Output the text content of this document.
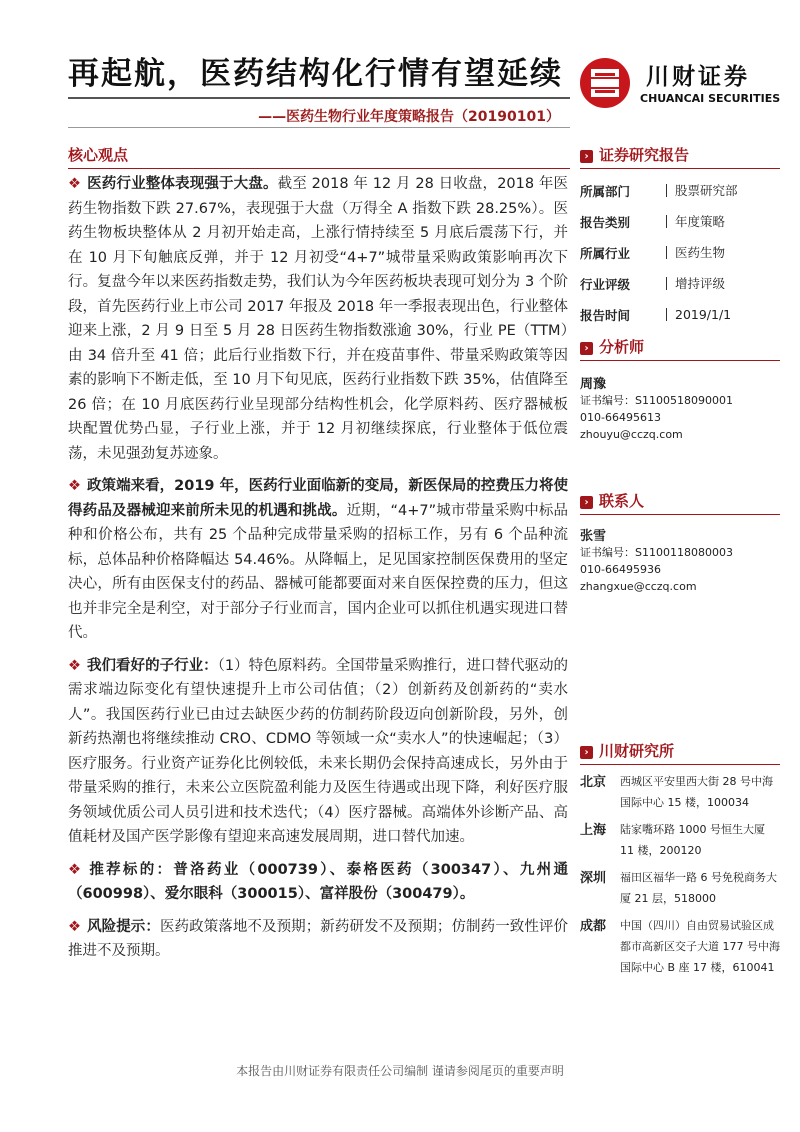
再起航，医药结构化行情有望延续
——医药生物行业年度策略报告（20190101）
川财证券
CHUANCAI SECURITIES
核心观点

❖ 医药行业整体表现强于大盘。截至 2018 年 12 月 28 日收盘，2018 年医药生物指数下跌 27.67%，表现强于大盘（万得全 A 指数下跌 28.25%）。医药生物板块整体从 2 月初开始走高，上涨行情持续至 5 月底后震荡下行，并在 10 月下旬触底反弹，并于 12 月初受“4+7”城带量采购政策影响再次下行。复盘今年以来医药指数走势，我们认为今年医药板块表现可划分为 3 个阶段，首先医药行业上市公司 2017 年报及 2018 年一季报表现出色，行业整体迎来上涨，2 月 9 日至 5 月 28 日医药生物指数涨逾 30%，行业 PE（TTM）由 34 倍升至 41 倍；此后行业指数下行，并在疫苗事件、带量采购政策等因素的影响下不断走低，至 10 月下旬见底，医药行业指数下跌 35%，估值降至 26 倍；在 10 月底医药行业呈现部分结构性机会，化学原料药、医疗器械板块配置优势凸显，子行业上涨，并于 12 月初继续探底，行业整体于低位震荡，未见强劲复苏迹象。

❖ 政策端来看，2019 年，医药行业面临新的变局，新医保局的控费压力将使得药品及器械迎来前所未见的机遇和挑战。近期，“4+7”城市带量采购中标品种和价格公布，共有 25 个品种完成带量采购的招标工作，另有 6 个品种流标，总体品种价格降幅达 54.46%。从降幅上，足见国家控制医保费用的坚定决心，所有由医保支付的药品、器械可能都要面对来自医保控费的压力，但这也并非完全是利空，对于部分子行业而言，国内企业可以抓住机遇实现进口替代。

❖ 我们看好的子行业：（1）特色原料药。全国带量采购推行，进口替代驱动的需求端边际变化有望快速提升上市公司估值；（2）创新药及创新药的“卖水人”。我国医药行业已由过去缺医少药的仿制药阶段迈向创新阶段，另外，创新药热潮也将继续推动 CRO、CDMO 等领域一众“卖水人”的快速崛起；（3）医疗服务。行业资产证券化比例较低，未来长期仍会保持高速成长，另外由于带量采购的推行，未来公立医院盈利能力及医生待遇或出现下降，利好医疗服务领域优质公司人员引进和技术迭代；（4）医疗器械。高端体外诊断产品、高值耗材及国产医学影像有望迎来高速发展周期，进口替代加速。

❖ 推荐标的：普洛药业（000739）、泰格医药（300347）、九州通（600998）、爱尔眼科（300015）、富祥股份（300479）。

❖ 风险提示：医药政策落地不及预期；新药研发不及预期；仿制药一致性评价推进不及预期。

› 证券研究报告
所属部门	股票研究部
报告类别	年度策略
所属行业	医药生物
行业评级	增持评级
报告时间	2019/1/1
› 分析师
周豫
证书编号：S1100518090001
010-66495613
zhouyu@cczq.com
› 联系人
张雪
证书编号：S1100118080003
010-66495936
zhangxue@cczq.com
› 川财研究所
北京	西城区平安里西大街 28 号中海国际中心 15 楼，100034
上海	陆家嘴环路 1000 号恒生大厦 11 楼，200120
深圳	福田区福华一路 6 号免税商务大厦 21 层，518000
成都	中国（四川）自由贸易试验区成都市高新区交子大道 177 号中海国际中心 B 座 17 楼，610041
本报告由川财证券有限责任公司编制 谨请参阅尾页的重要声明
